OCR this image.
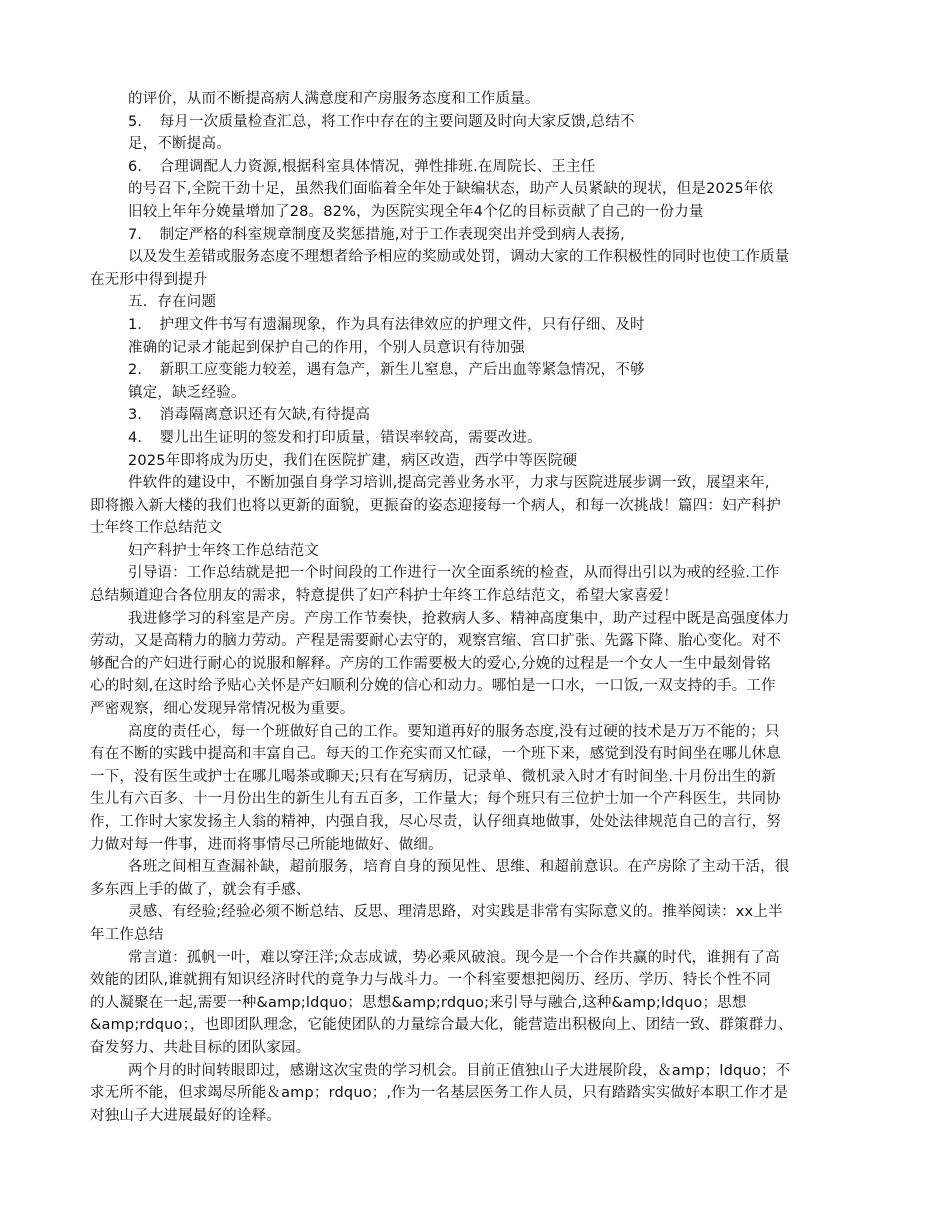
的评价，从而不断提高病人满意度和产房服务态度和工作质量。
5．　每月一次质量检查汇总，将工作中存在的主要问题及时向大家反馈,总结不
足，不断提高。
6．　合理调配人力资源,根据科室具体情况，弹性排班.在周院长、王主任
的号召下,全院干劲十足，虽然我们面临着全年处于缺编状态，助产人员紧缺的现状，但是2025年依
旧较上年年分娩量增加了28。82%，为医院实现全年4个亿的目标贡献了自己的一份力量
7．　制定严格的科室规章制度及奖惩措施,对于工作表现突出并受到病人表扬,
以及发生差错或服务态度不理想者给予相应的奖励或处罚，调动大家的工作积极性的同时也使工作质量
在无形中得到提升
五．存在问题
1．　护理文件书写有遗漏现象，作为具有法律效应的护理文件，只有仔细、及时
准确的记录才能起到保护自己的作用，个别人员意识有待加强
2．　新职工应变能力较差，遇有急产，新生儿窒息，产后出血等紧急情况，不够
镇定，缺乏经验。
3．　消毒隔离意识还有欠缺,有待提高
4．　婴儿出生证明的签发和打印质量，错误率较高，需要改进。
2025年即将成为历史，我们在医院扩建，病区改造，西学中等医院硬
件软件的建设中，不断加强自身学习培训,提高完善业务水平，力求与医院进展步调一致，展望来年,
即将搬入新大楼的我们也将以更新的面貌，更振奋的姿态迎接每一个病人，和每一次挑战！篇四：妇产科护
士年终工作总结范文
妇产科护士年终工作总结范文
引导语：工作总结就是把一个时间段的工作进行一次全面系统的检查，从而得出引以为戒的经验.工作
总结频道迎合各位朋友的需求，特意提供了妇产科护士年终工作总结范文，希望大家喜爱！
我进修学习的科室是产房。产房工作节奏快，抢救病人多、精神高度集中，助产过程中既是高强度体力
劳动，又是高精力的脑力劳动。产程是需要耐心去守的，观察宫缩、宫口扩张、先露下降、胎心变化。对不
够配合的产妇进行耐心的说服和解释。产房的工作需要极大的爱心,分娩的过程是一个女人一生中最刻骨铭
心的时刻,在这时给予贴心关怀是产妇顺利分娩的信心和动力。哪怕是一口水，一口饭,一双支持的手。工作
严密观察，细心发现异常情况极为重要。
高度的责任心，每一个班做好自己的工作。要知道再好的服务态度,没有过硬的技术是万万不能的；只
有在不断的实践中提高和丰富自己。每天的工作充实而又忙碌，一个班下来，感觉到没有时间坐在哪儿休息
一下，没有医生或护士在哪儿喝茶或聊天;只有在写病历，记录单、微机录入时才有时间坐.十月份出生的新
生儿有六百多、十一月份出生的新生儿有五百多，工作量大；每个班只有三位护士加一个产科医生，共同协
作，工作时大家发扬主人翁的精神，内强自我，尽心尽责，认仔细真地做事，处处法律规范自己的言行，努
力做对每一件事，进而将事情尽己所能地做好、做细。
各班之间相互查漏补缺，超前服务，培育自身的预见性、思维、和超前意识。在产房除了主动干活，很
多东西上手的做了，就会有手感、
灵感、有经验;经验必须不断总结、反思、理清思路，对实践是非常有实际意义的。推举阅读：xx上半
年工作总结
常言道：孤帆一叶，难以穿汪洋;众志成诚，势必乘风破浪。现今是一个合作共赢的时代，谁拥有了高
效能的团队,谁就拥有知识经济时代的竟争力与战斗力。一个科室要想把阅历、经历、学历、特长个性不同
的人凝聚在一起,需要一种&amp;ldquo；思想&amp;rdquo;来引导与融合,这种&amp;ldquo；思想
&amp;rdquo；，也即团队理念，它能使团队的力量综合最大化，能营造出积极向上、团结一致、群策群力、
奋发努力、共赴目标的团队家园。
两个月的时间转眼即过，感谢这次宝贵的学习机会。目前正值独山子大进展阶段，＆amp；ldquo；不
求无所不能，但求竭尽所能＆amp；rdquo；,作为一名基层医务工作人员，只有踏踏实实做好本职工作才是
对独山子大进展最好的诠释。
